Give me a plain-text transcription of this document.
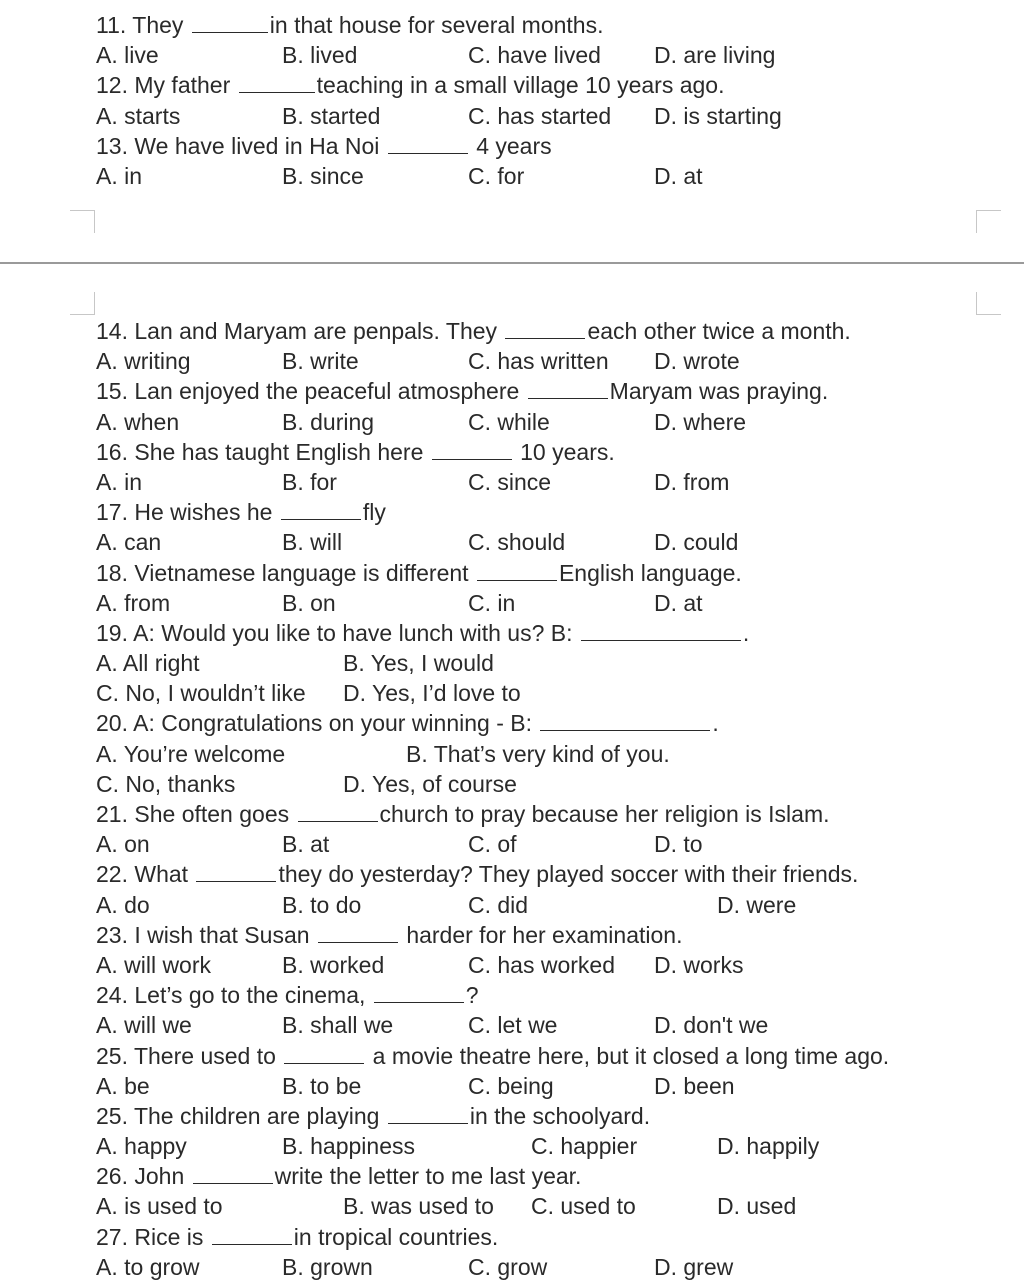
11. They	in that house for several months.
A. live	B. lived	C. have lived D. are living
12. My father	teaching in a small village 10 years ago.
A. starts	B. started	C. has started D. is starting
13. We have lived in Ha Noi	4 years
A. in	B. since	C. for	D. at
14. Lan and Maryam are penpals. They	each other twice a month.
A. writing	B. write	C. has written D. wrote
15. Lan enjoyed the peaceful atmosphere	Maryam was praying.
A. when	B. during	C. while	D. where
16. She has taught English here	10 years.
A. in	B. for	C. since	D. from
17. He wishes he	fly
A. can	B. will	C. should	D. could
18. Vietnamese language is different	English language.
A. from	B. on	C. in	D. at
19. A: Would you like to have lunch with us? B:	.
A. All right	B. Yes, I would
C. No, I wouldn’t like D. Yes, I’d love to
20. A: Congratulations on your winning - B:	.
A. You’re welcome	B. That’s very kind of you.
C. No, thanks	D. Yes, of course
21. She often goes	church to pray because her religion is Islam.
A. on	B. at	C. of	D. to
22. What	they do yesterday? They played soccer with their friends.
A. do	B. to do	C. did	D. were
23. I wish that Susan	harder for her examination.
A. will work	B. worked	C. has worked D. works
24. Let’s go to the cinema,	?
A. will we	B. shall we	C. let we	D. don't we
25. There used to	a movie theatre here, but it closed a long time ago.
A. be	B. to be	C. being	D. been
25. The children are playing	in the schoolyard.
A. happy	B. happiness	C. happier	D. happily
26. John	write the letter to me last year.
A. is used to	B. was used to C. used to	D. used
27. Rice is	in tropical countries.
A. to grow	B. grown	C. grow	D. grew
